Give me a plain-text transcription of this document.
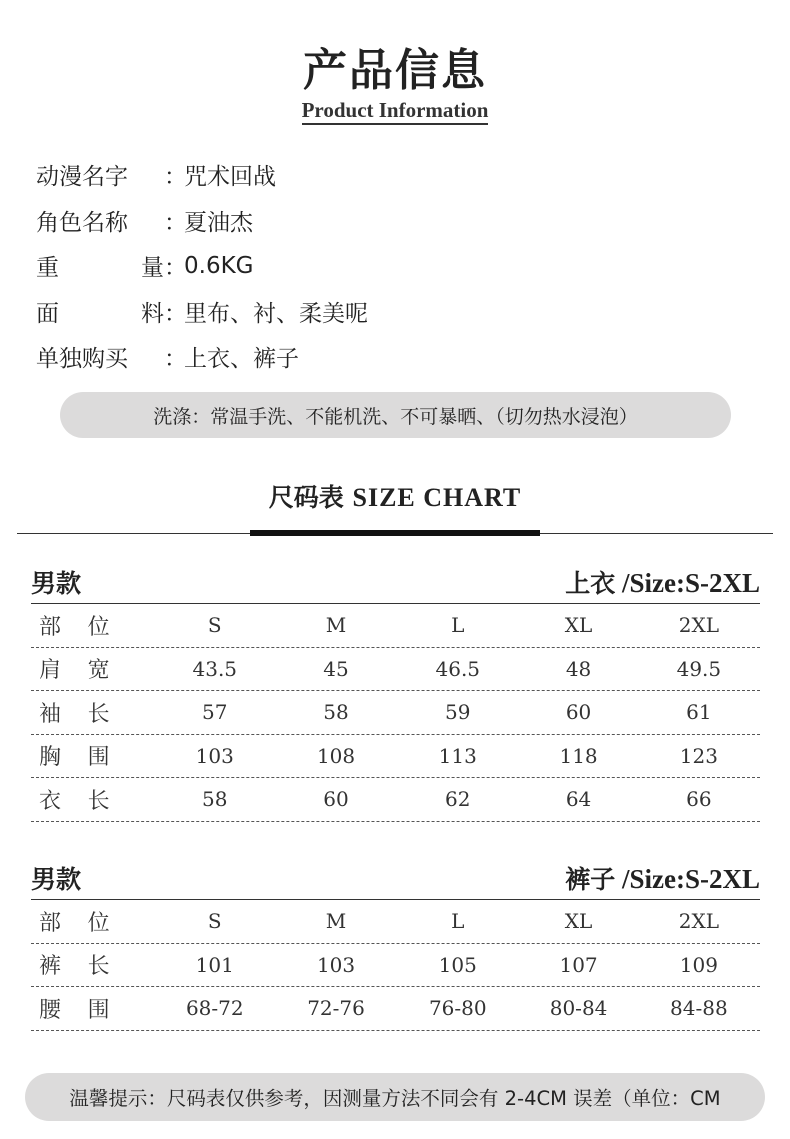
产品信息
Product Information
动漫名字 ：
咒术回战
角色名称 ：
夏油杰
重	量 ：
0.6KG
面	料 ：
里布、衬、柔美呢
单独购买 ：
上衣、裤子
洗涤：常温手洗、不能机洗、不可暴晒、（切勿热水浸泡）
尺码表 SIZE CHART
男款	上衣 /Size:S-2XL
部 位	S	M	L	XL	2XL
肩 宽	43.5	45	46.5	48	49.5
袖 长	57	58	59	60	61
胸 围	103	108	113	118	123
衣 长	58	60	62	64	66
男款	裤子 /Size:S-2XL
部 位	S	M	L	XL	2XL
裤 长	101	103	105	107	109
腰 围	68-72	72-76	76-80	80-84	84-88
温馨提示：尺码表仅供参考，因测量方法不同会有 2-4CM 误差（单位：CM
